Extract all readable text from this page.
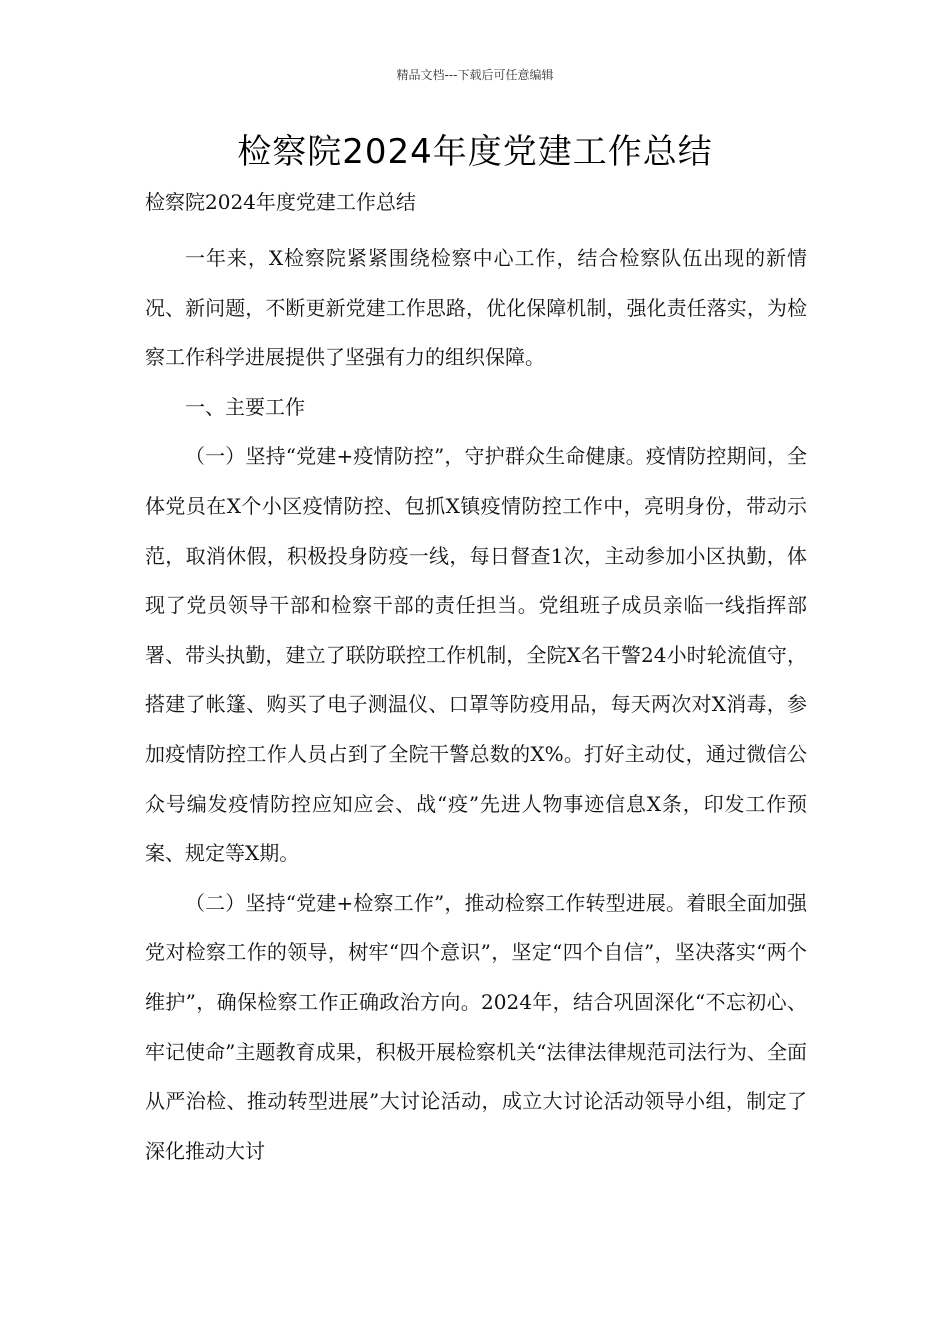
精品文档---下载后可任意编辑
检察院2024年度党建工作总结
检察院2024年度党建工作总结

一年来，X检察院紧紧围绕检察中心工作，结合检察队伍出现的新情况、新问题，不断更新党建工作思路，优化保障机制，强化责任落实，为检察工作科学进展提供了坚强有力的组织保障。

一、主要工作

（一）坚持“党建+疫情防控”，守护群众生命健康。疫情防控期间，全体党员在X个小区疫情防控、包抓X镇疫情防控工作中，亮明身份，带动示范，取消休假，积极投身防疫一线，每日督查1次，主动参加小区执勤，体现了党员领导干部和检察干部的责任担当。党组班子成员亲临一线指挥部署、带头执勤，建立了联防联控工作机制，全院X名干警24小时轮流值守，搭建了帐篷、购买了电子测温仪、口罩等防疫用品，每天两次对X消毒，参加疫情防控工作人员占到了全院干警总数的X%。打好主动仗，通过微信公众号编发疫情防控应知应会、战“疫”先进人物事迹信息X条，印发工作预案、规定等X期。

（二）坚持“党建+检察工作”，推动检察工作转型进展。着眼全面加强党对检察工作的领导，树牢“四个意识”，坚定“四个自信”，坚决落实“两个维护”，确保检察工作正确政治方向。2024年，结合巩固深化“不忘初心、牢记使命”主题教育成果，积极开展检察机关“法律法律规范司法行为、全面从严治检、推动转型进展”大讨论活动，成立大讨论活动领导小组，制定了深化推动大讨
